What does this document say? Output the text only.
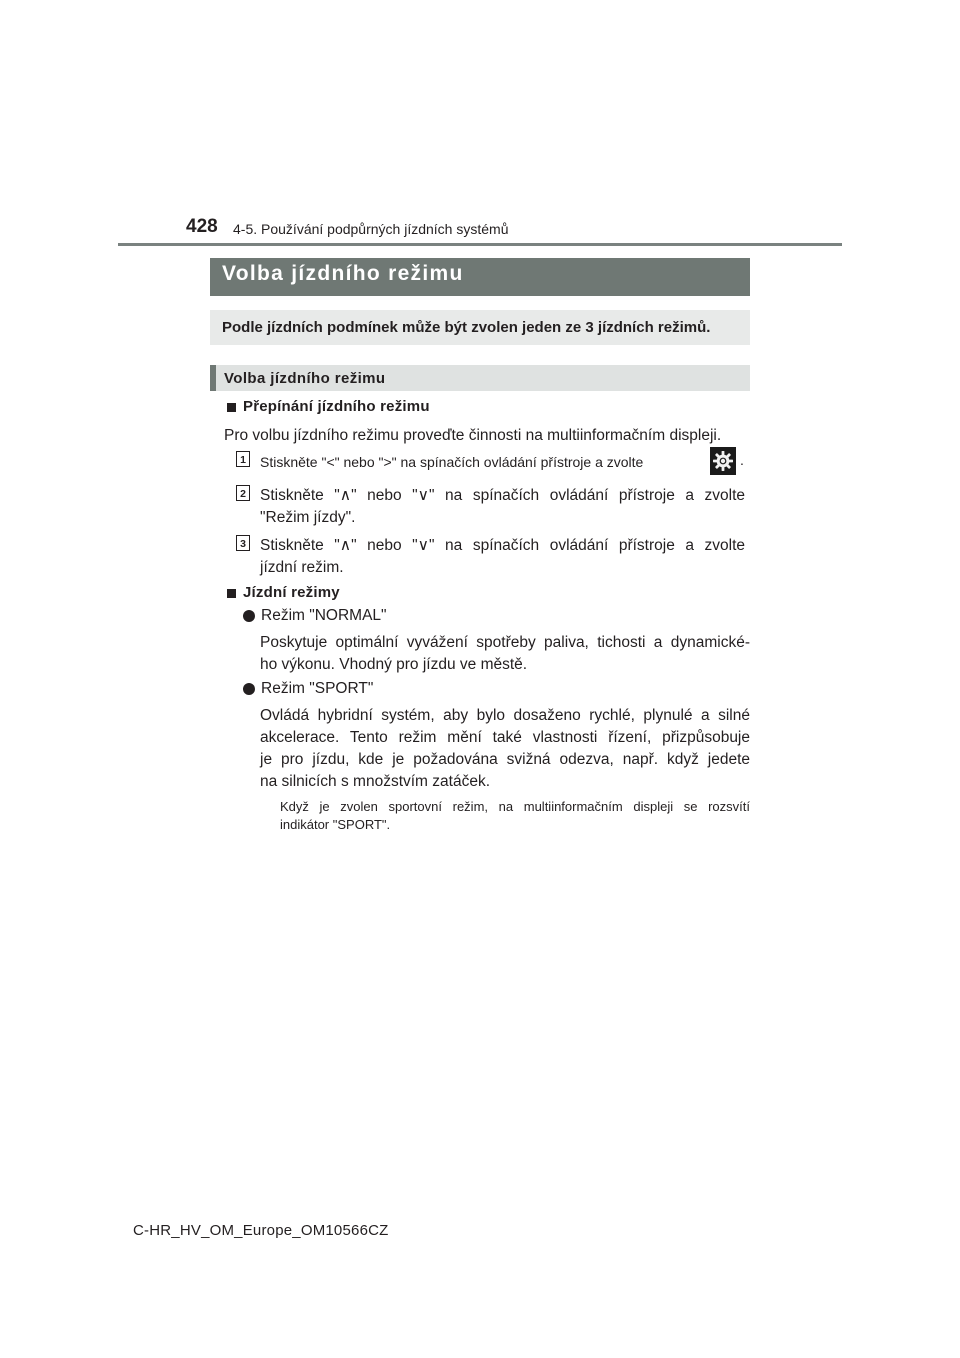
428 4-5. Používání podpůrných jízdních systémů
Volba jízdního režimu
Podle jízdních podmínek může být zvolen jeden ze 3 jízdních režimů.
Volba jízdního režimu
Přepínání jízdního režimu
Pro volbu jízdního režimu proveďte činnosti na multiinformačním displeji.
1 Stiskněte "<" nebo ">" na spínačích ovládání přístroje a zvolte	.
2 Stiskněte "∧" nebo "∨" na spínačích ovládání přístroje a zvolte
"Režim jízdy".
3 Stiskněte "∧" nebo "∨" na spínačích ovládání přístroje a zvolte
jízdní režim.
Jízdní režimy
Režim "NORMAL"
Poskytuje optimální vyvážení spotřeby paliva, tichosti a dynamické-
ho výkonu. Vhodný pro jízdu ve městě.
Režim "SPORT"
Ovládá hybridní systém, aby bylo dosaženo rychlé, plynulé a silné
akcelerace. Tento režim mění také vlastnosti řízení, přizpůsobuje
je pro jízdu, kde je požadována svižná odezva, např. když jedete
na silnicích s množstvím zatáček.
Když je zvolen sportovní režim, na multiinformačním displeji se rozsvítí
indikátor "SPORT".
C-HR_HV_OM_Europe_OM10566CZ
